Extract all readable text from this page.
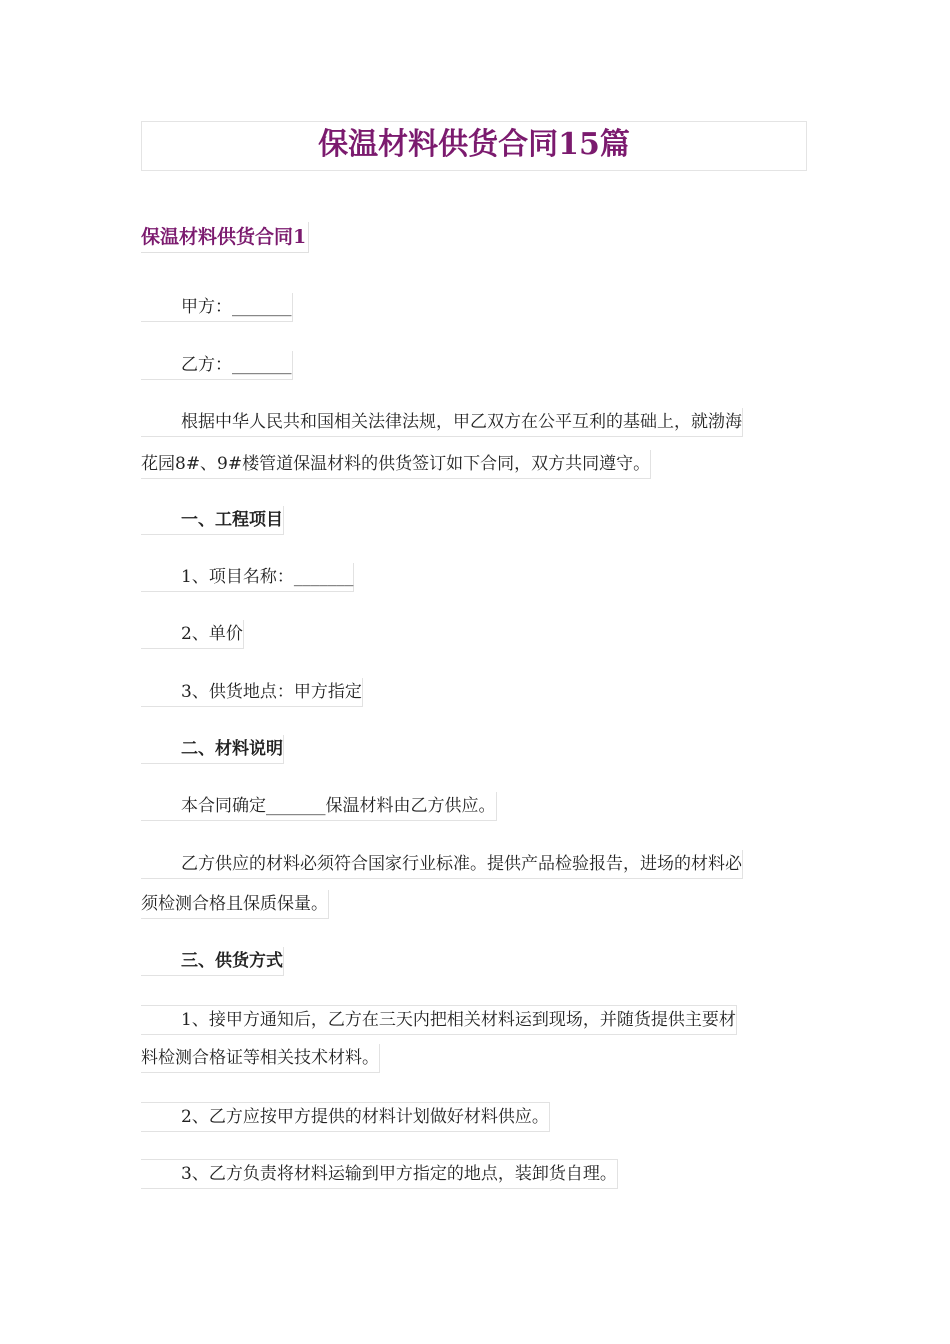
保温材料供货合同15篇
保温材料供货合同1
甲方：_______
乙方：_______
根据中华人民共和国相关法律法规，甲乙双方在公平互利的基础上，就渤海
花园8#、9#楼管道保温材料的供货签订如下合同，双方共同遵守。
一、工程项目
1、项目名称：_______
2、单价
3、供货地点：甲方指定
二、材料说明
本合同确定_______保温材料由乙方供应。
乙方供应的材料必须符合国家行业标准。提供产品检验报告，进场的材料必
须检测合格且保质保量。
三、供货方式
1、接甲方通知后，乙方在三天内把相关材料运到现场，并随货提供主要材
料检测合格证等相关技术材料。
2、乙方应按甲方提供的材料计划做好材料供应。
3、乙方负责将材料运输到甲方指定的地点，装卸货自理。
